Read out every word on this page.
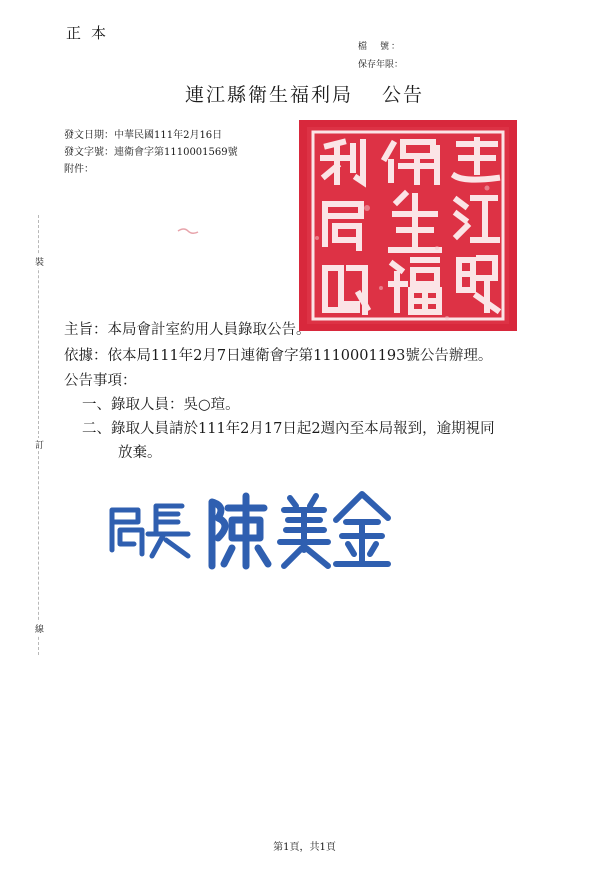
正本
檔　號：
保存年限：
連江縣衛生福利局　 公告
發文日期：中華民國111年2月16日
發文字號：連衛會字第1110001569號
附件：
裝
訂
線
主旨：本局會計室約用人員錄取公告。
依據：依本局111年2月7日連衛會字第1110001193號公告辦理。
公告事項：
一、錄取人員：吳○瑄。
二、錄取人員請於111年2月17日起2週內至本局報到，逾期視同
放棄。
第1頁，共1頁
